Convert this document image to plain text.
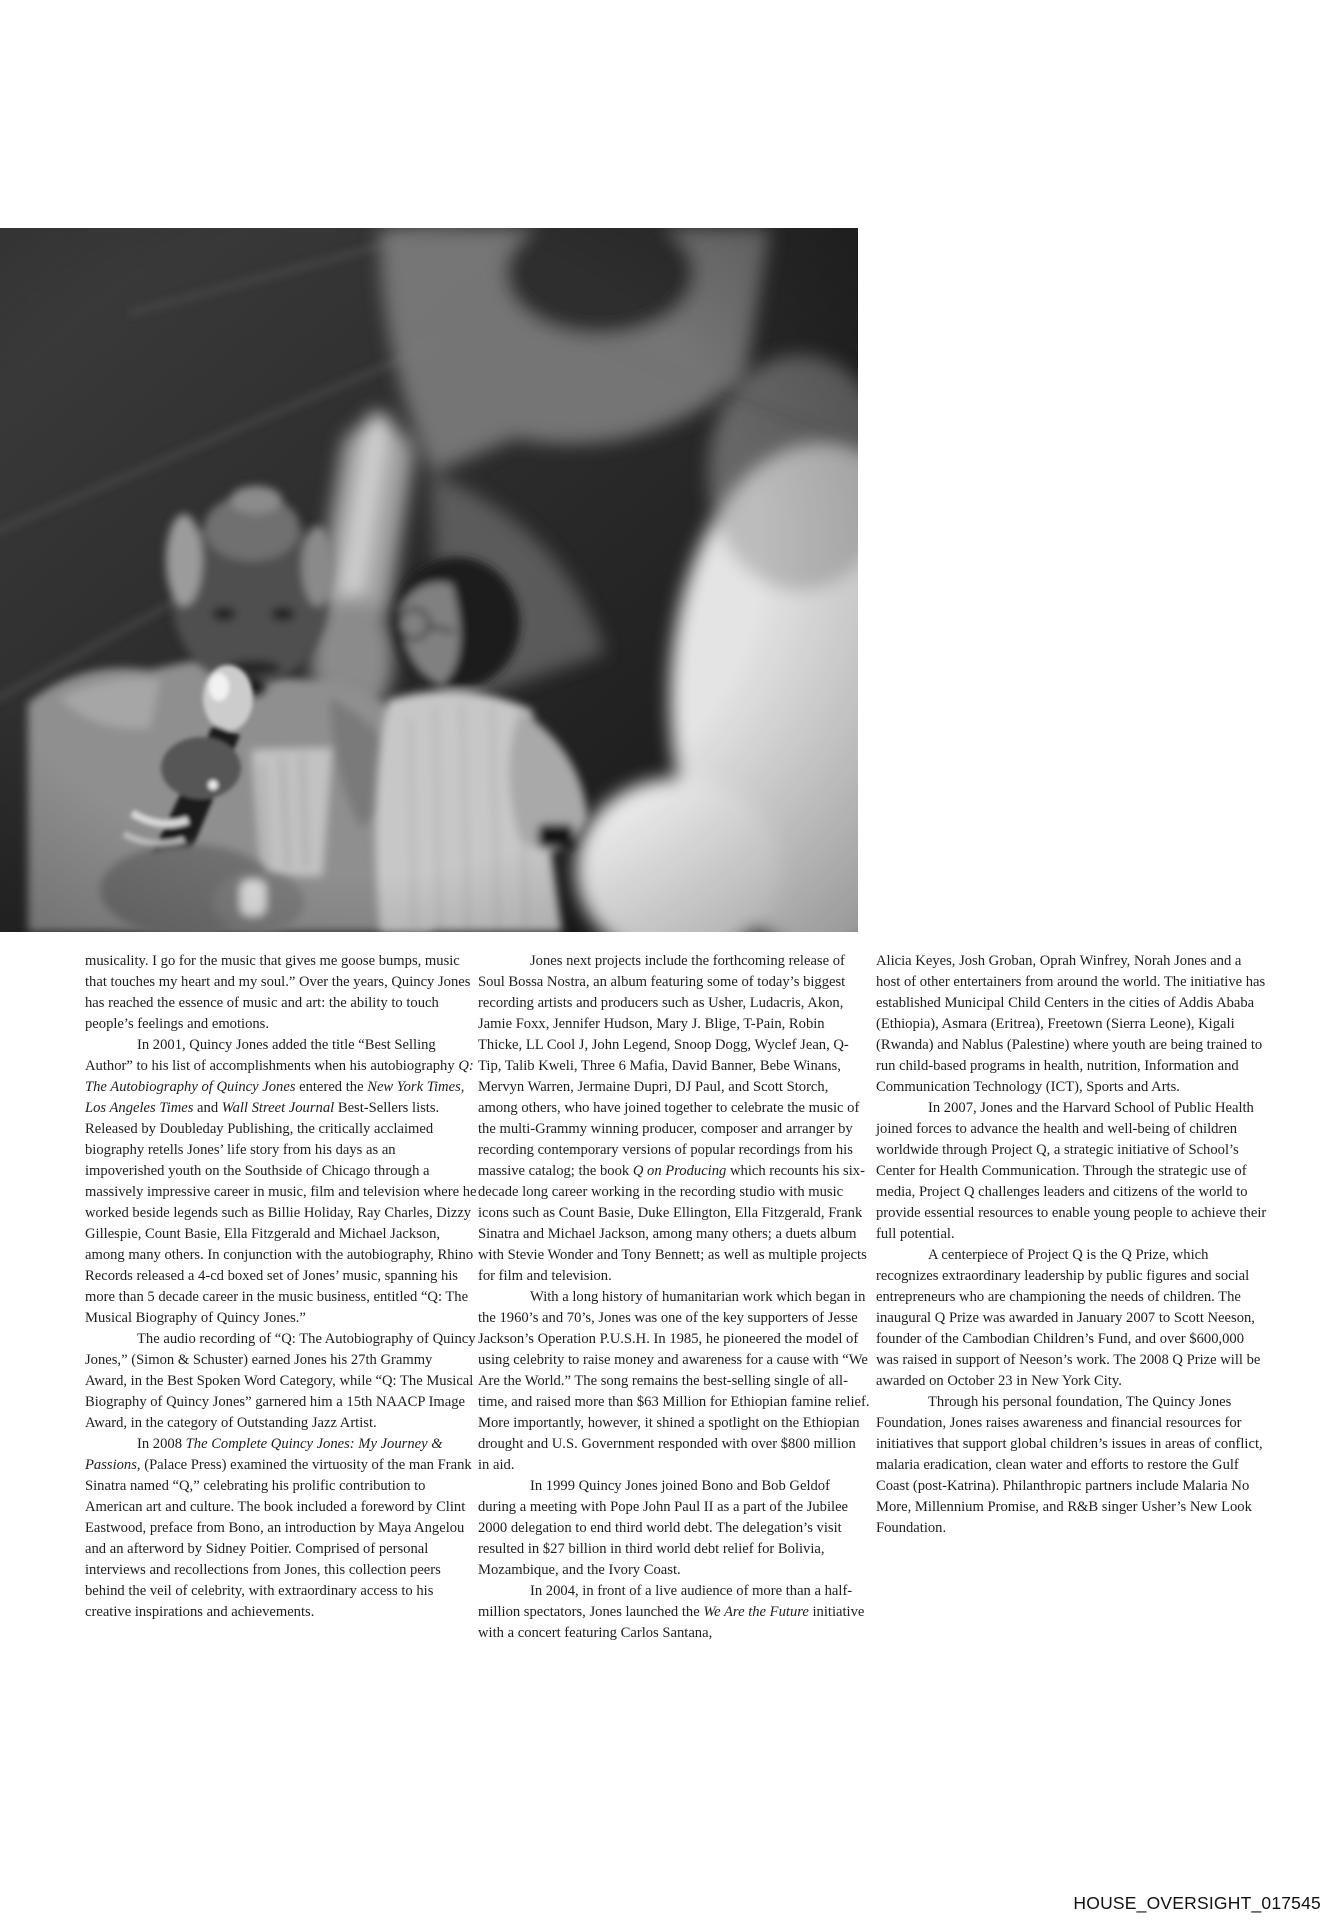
musicality. I go for the music that gives me goose bumps, music that touches my heart and my soul.” Over the years, Quincy Jones has reached the essence of music and art: the ability to touch people’s feelings and emotions.

In 2001, Quincy Jones added the title “Best Selling Author” to his list of accomplishments when his autobiography Q: The Autobiography of Quincy Jones entered the New York Times, Los Angeles Times and Wall Street Journal Best-Sellers lists. Released by Doubleday Publishing, the critically acclaimed biography retells Jones’ life story from his days as an impoverished youth on the Southside of Chicago through a massively impressive career in music, film and television where he worked beside legends such as Billie Holiday, Ray Charles, Dizzy Gillespie, Count Basie, Ella Fitzgerald and Michael Jackson, among many others. In conjunction with the autobiography, Rhino Records released a 4-cd boxed set of Jones’ music, spanning his more than 5 decade career in the music business, entitled “Q: The Musical Biography of Quincy Jones.”

The audio recording of “Q: The Autobiography of Quincy Jones,” (Simon & Schuster) earned Jones his 27th Grammy Award, in the Best Spoken Word Category, while “Q: The Musical Biography of Quincy Jones” garnered him a 15th NAACP Image Award, in the category of Outstanding Jazz Artist.

In 2008 The Complete Quincy Jones: My Journey & Passions, (Palace Press) examined the virtuosity of the man Frank Sinatra named “Q,” celebrating his prolific contribution to American art and culture. The book included a foreword by Clint Eastwood, preface from Bono, an introduction by Maya Angelou and an afterword by Sidney Poitier. Comprised of personal interviews and recollections from Jones, this collection peers behind the veil of celebrity, with extraordinary access to his creative inspirations and achievements.

Jones next projects include the forthcoming release of Soul Bossa Nostra, an album featuring some of today’s biggest recording artists and producers such as Usher, Ludacris, Akon, Jamie Foxx, Jennifer Hudson, Mary J. Blige, T-Pain, Robin Thicke, LL Cool J, John Legend, Snoop Dogg, Wyclef Jean, Q-Tip, Talib Kweli, Three 6 Mafia, David Banner, Bebe Winans, Mervyn Warren, Jermaine Dupri, DJ Paul, and Scott Storch, among others, who have joined together to celebrate the music of the multi-Grammy winning producer, composer and arranger by recording contemporary versions of popular recordings from his massive catalog; the book Q on Producing which recounts his six-decade long career working in the recording studio with music icons such as Count Basie, Duke Ellington, Ella Fitzgerald, Frank Sinatra and Michael Jackson, among many others; a duets album with Stevie Wonder and Tony Bennett; as well as multiple projects for film and television.

With a long history of humanitarian work which began in the 1960’s and 70’s, Jones was one of the key supporters of Jesse Jackson’s Operation P.U.S.H. In 1985, he pioneered the model of using celebrity to raise money and awareness for a cause with “We Are the World.” The song remains the best-selling single of all-time, and raised more than $63 Million for Ethiopian famine relief. More importantly, however, it shined a spotlight on the Ethiopian drought and U.S. Government responded with over $800 million in aid.

In 1999 Quincy Jones joined Bono and Bob Geldof during a meeting with Pope John Paul II as a part of the Jubilee 2000 delegation to end third world debt. The delegation’s visit resulted in $27 billion in third world debt relief for Bolivia, Mozambique, and the Ivory Coast.

In 2004, in front of a live audience of more than a half-million spectators, Jones launched the We Are the Future initiative with a concert featuring Carlos Santana,

Alicia Keyes, Josh Groban, Oprah Winfrey, Norah Jones and a host of other entertainers from around the world. The initiative has established Municipal Child Centers in the cities of Addis Ababa (Ethiopia), Asmara (Eritrea), Freetown (Sierra Leone), Kigali (Rwanda) and Nablus (Palestine) where youth are being trained to run child-based programs in health, nutrition, Information and Communication Technology (ICT), Sports and Arts.

In 2007, Jones and the Harvard School of Public Health joined forces to advance the health and well-being of children worldwide through Project Q, a strategic initiative of School’s Center for Health Communication. Through the strategic use of media, Project Q challenges leaders and citizens of the world to provide essential resources to enable young people to achieve their full potential.

A centerpiece of Project Q is the Q Prize, which recognizes extraordinary leadership by public figures and social entrepreneurs who are championing the needs of children. The inaugural Q Prize was awarded in January 2007 to Scott Neeson, founder of the Cambodian Children’s Fund, and over $600,000 was raised in support of Neeson’s work. The 2008 Q Prize will be awarded on October 23 in New York City.

Through his personal foundation, The Quincy Jones Foundation, Jones raises awareness and financial resources for initiatives that support global children’s issues in areas of conflict, malaria eradication, clean water and efforts to restore the Gulf Coast (post-Katrina). Philanthropic partners include Malaria No More, Millennium Promise, and R&B singer Usher’s New Look Foundation.

HOUSE_OVERSIGHT_017545
